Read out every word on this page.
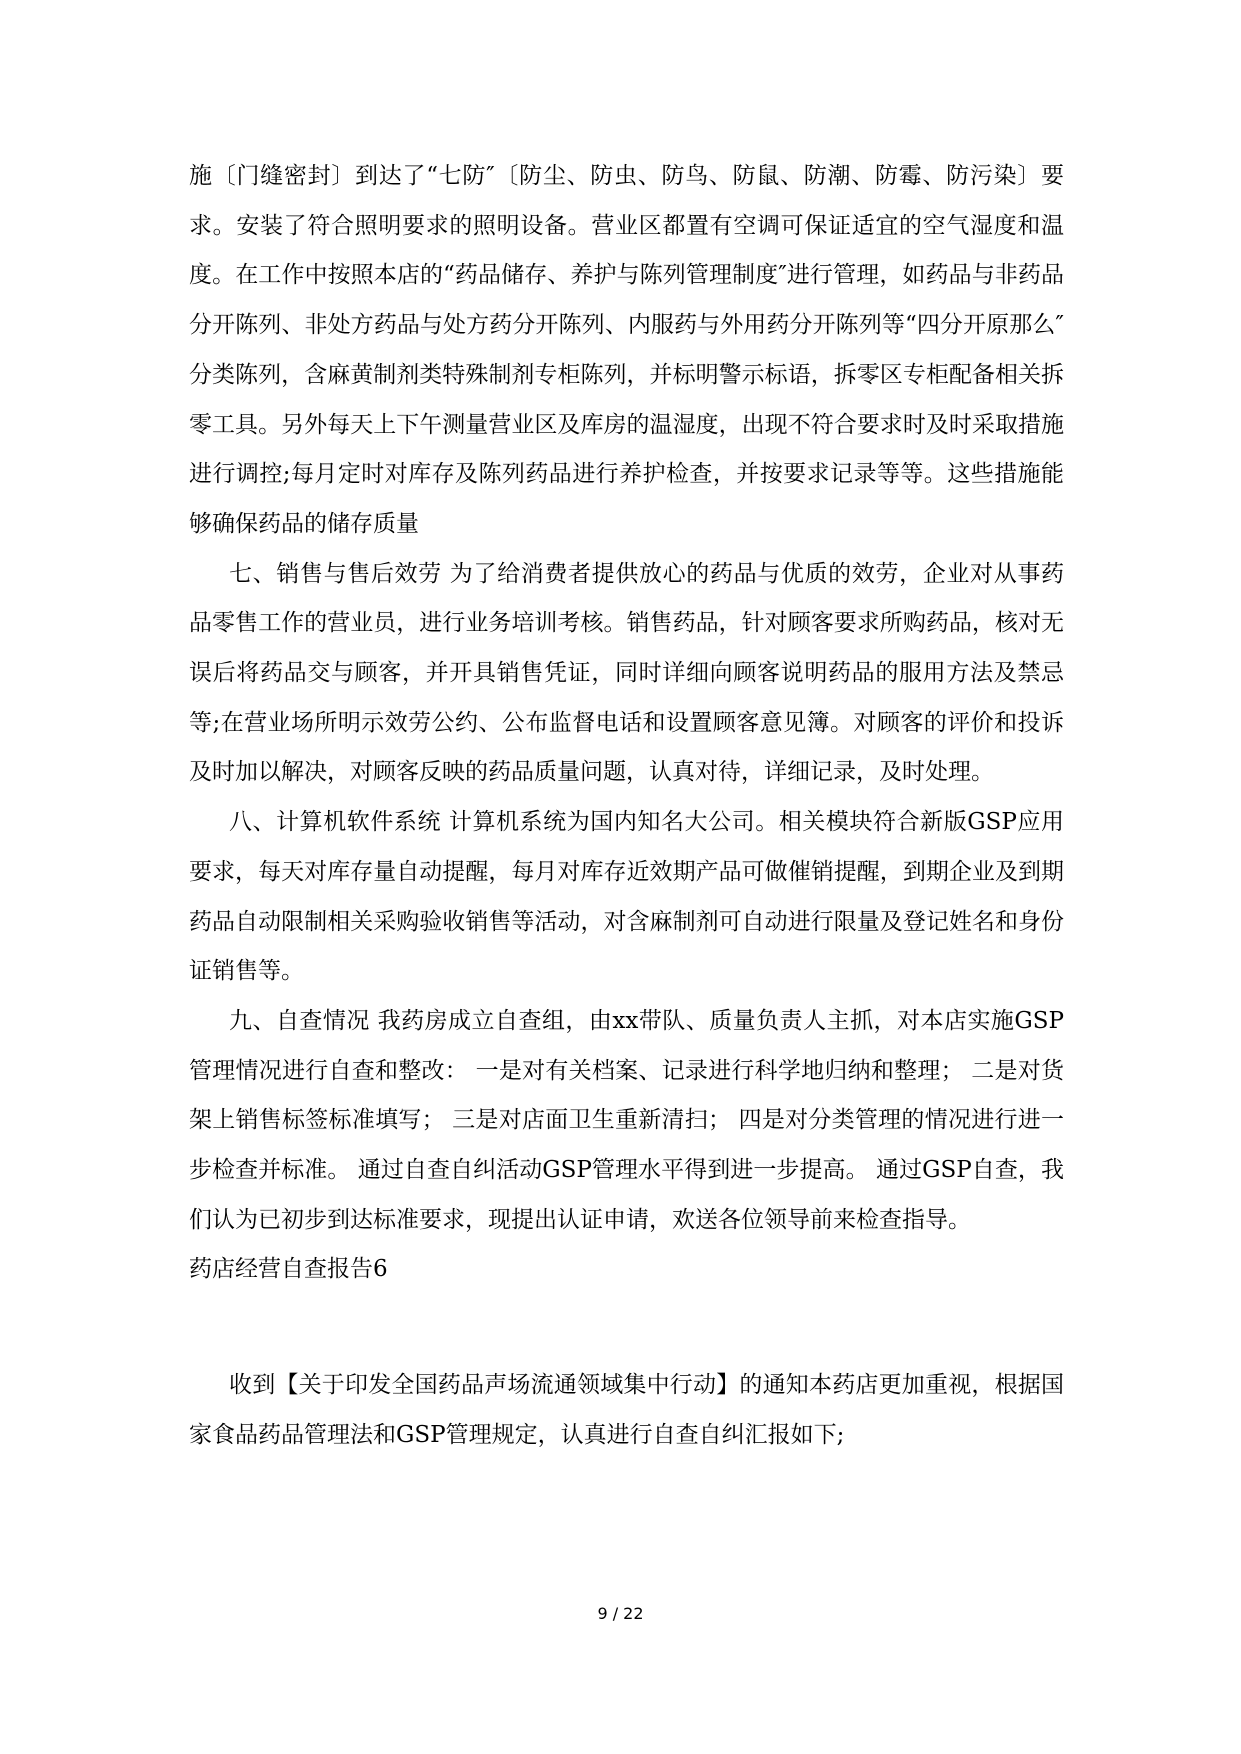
施〔门缝密封〕到达了“七防″〔防尘、防虫、防鸟、防鼠、防潮、防霉、防污染〕要求。安装了符合照明要求的照明设备。营业区都置有空调可保证适宜的空气湿度和温度。在工作中按照本店的“药品储存、养护与陈列管理制度″进行管理，如药品与非药品分开陈列、非处方药品与处方药分开陈列、内服药与外用药分开陈列等“四分开原那么″分类陈列，含麻黄制剂类特殊制剂专柜陈列，并标明警示标语，拆零区专柜配备相关拆零工具。另外每天上下午测量营业区及库房的温湿度，出现不符合要求时及时采取措施进行调控;每月定时对库存及陈列药品进行养护检查，并按要求记录等等。这些措施能够确保药品的储存质量

七、销售与售后效劳 为了给消费者提供放心的药品与优质的效劳，企业对从事药品零售工作的营业员，进行业务培训考核。销售药品，针对顾客要求所购药品，核对无误后将药品交与顾客，并开具销售凭证，同时详细向顾客说明药品的服用方法及禁忌等;在营业场所明示效劳公约、公布监督电话和设置顾客意见簿。对顾客的评价和投诉及时加以解决，对顾客反映的药品质量问题，认真对待，详细记录，及时处理。

八、计算机软件系统 计算机系统为国内知名大公司。相关模块符合新版GSP应用要求，每天对库存量自动提醒，每月对库存近效期产品可做催销提醒，到期企业及到期药品自动限制相关采购验收销售等活动，对含麻制剂可自动进行限量及登记姓名和身份证销售等。

九、自查情况 我药房成立自查组，由xx带队、质量负责人主抓，对本店实施GSP管理情况进行自查和整改： 一是对有关档案、记录进行科学地归纳和整理； 二是对货架上销售标签标准填写； 三是对店面卫生重新清扫； 四是对分类管理的情况进行进一步检查并标准。 通过自查自纠活动GSP管理水平得到进一步提高。 通过GSP自查，我们认为已初步到达标准要求，现提出认证申请，欢送各位领导前来检查指导。

药店经营自查报告6

收到【关于印发全国药品声场流通领域集中行动】的通知本药店更加重视，根据国家食品药品管理法和GSP管理规定，认真进行自查自纠汇报如下;

9 / 22
